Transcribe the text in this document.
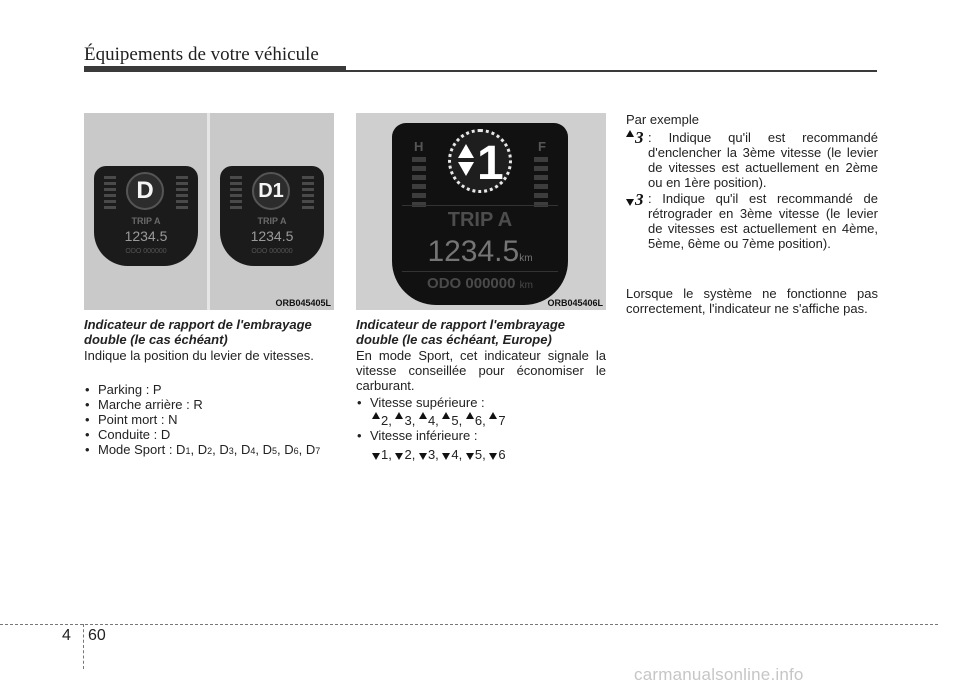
Équipements de votre véhicule
D
TRIP A
1234.5
ODO 000000
D1
TRIP A
1234.5
ODO 000000
ORB045405L
H	F
1
TRIP A
1234.5km
ODO 000000 km
ORB045406L
Indicateur de rapport de l'embrayage double (le cas échéant)
Indique la position du levier de vitesses.
• Parking : P
• Marche arrière : R
• Point mort : N
• Conduite : D
• Mode Sport : D1, D2, D3, D4, D5, D6, D7
Indicateur de rapport l'embrayage double (le cas échéant, Europe)
En mode Sport, cet indicateur signale la vitesse conseillée pour économiser le carburant.
• Vitesse supérieure :
2, 3, 4, 5, 6, 7
• Vitesse inférieure :
1, 2, 3, 4, 5, 6
Par exemple
3 : Indique qu'il est recommandé d'enclencher la 3ème vitesse (le levier de vitesses est actuellement en 2ème ou en 1ère position).
3 : Indique qu'il est recommandé de rétrograder en 3ème vitesse (le levier de vitesses est actuellement en 4ème, 5ème, 6ème ou 7ème position).
Lorsque le système ne fonctionne pas correctement, l'indicateur ne s'affiche pas.
4 60
carmanualsonline.info
